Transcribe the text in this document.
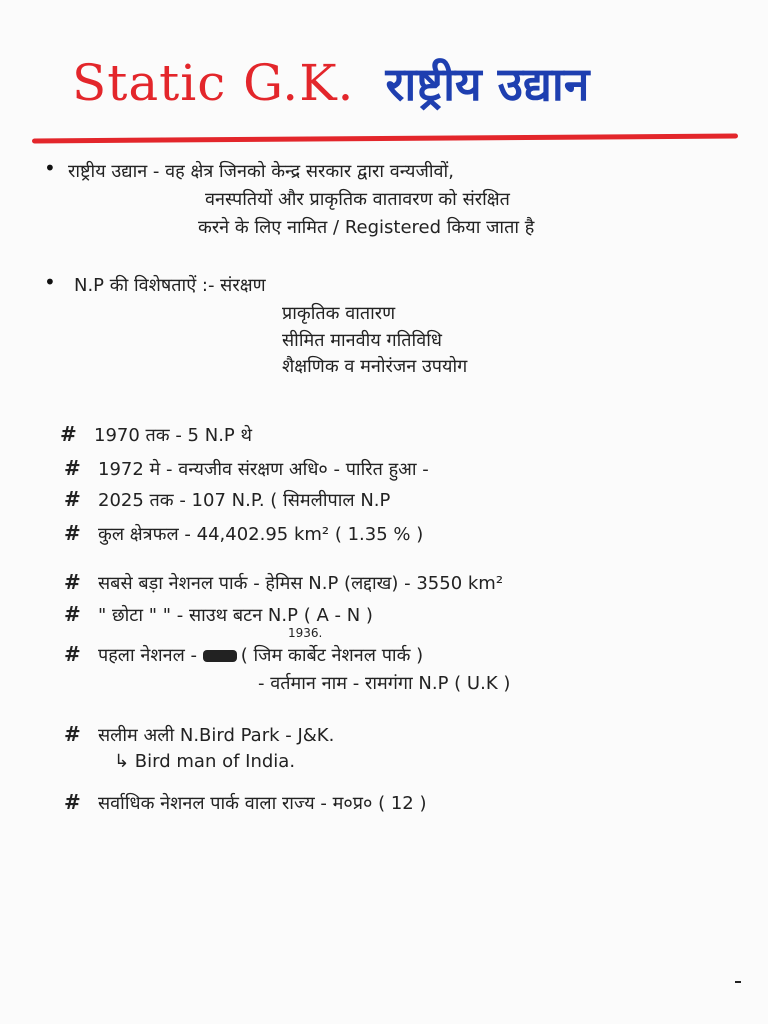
Static G.K. राष्ट्रीय उद्यान
• राष्ट्रीय उद्यान - वह क्षेत्र जिनको केन्द्र सरकार द्वारा वन्यजीवों,
वनस्पतियों और प्राकृतिक वातावरण को संरक्षित
करने के लिए नामित / Registered किया जाता है
• N.P की विशेषताऐं :- संरक्षण
प्राकृतिक वातारण
सीमित मानवीय गतिविधि
शैक्षणिक व मनोरंजन उपयोग
# 1970 तक - 5 N.P थे
# 1972 मे - वन्यजीव संरक्षण अधि० - पारित हुआ -
# 2025 तक - 107 N.P. ( सिमलीपाल N.P
# कुल क्षेत्रफल - 44,402.95 km² ( 1.35 % )
# सबसे बड़ा नेशनल पार्क - हेमिस N.P (लद्दाख) - 3550 km²
# " छोटा " " - साउथ बटन N.P ( A - N )
1936.
# पहला नेशनल - ( जिम कार्बेट नेशनल पार्क )
- वर्तमान नाम - रामगंगा N.P ( U.K )
# सलीम अली N.Bird Park - J&K.
↳ Bird man of India.
# सर्वाधिक नेशनल पार्क वाला राज्य - म०प्र० ( 12 )
